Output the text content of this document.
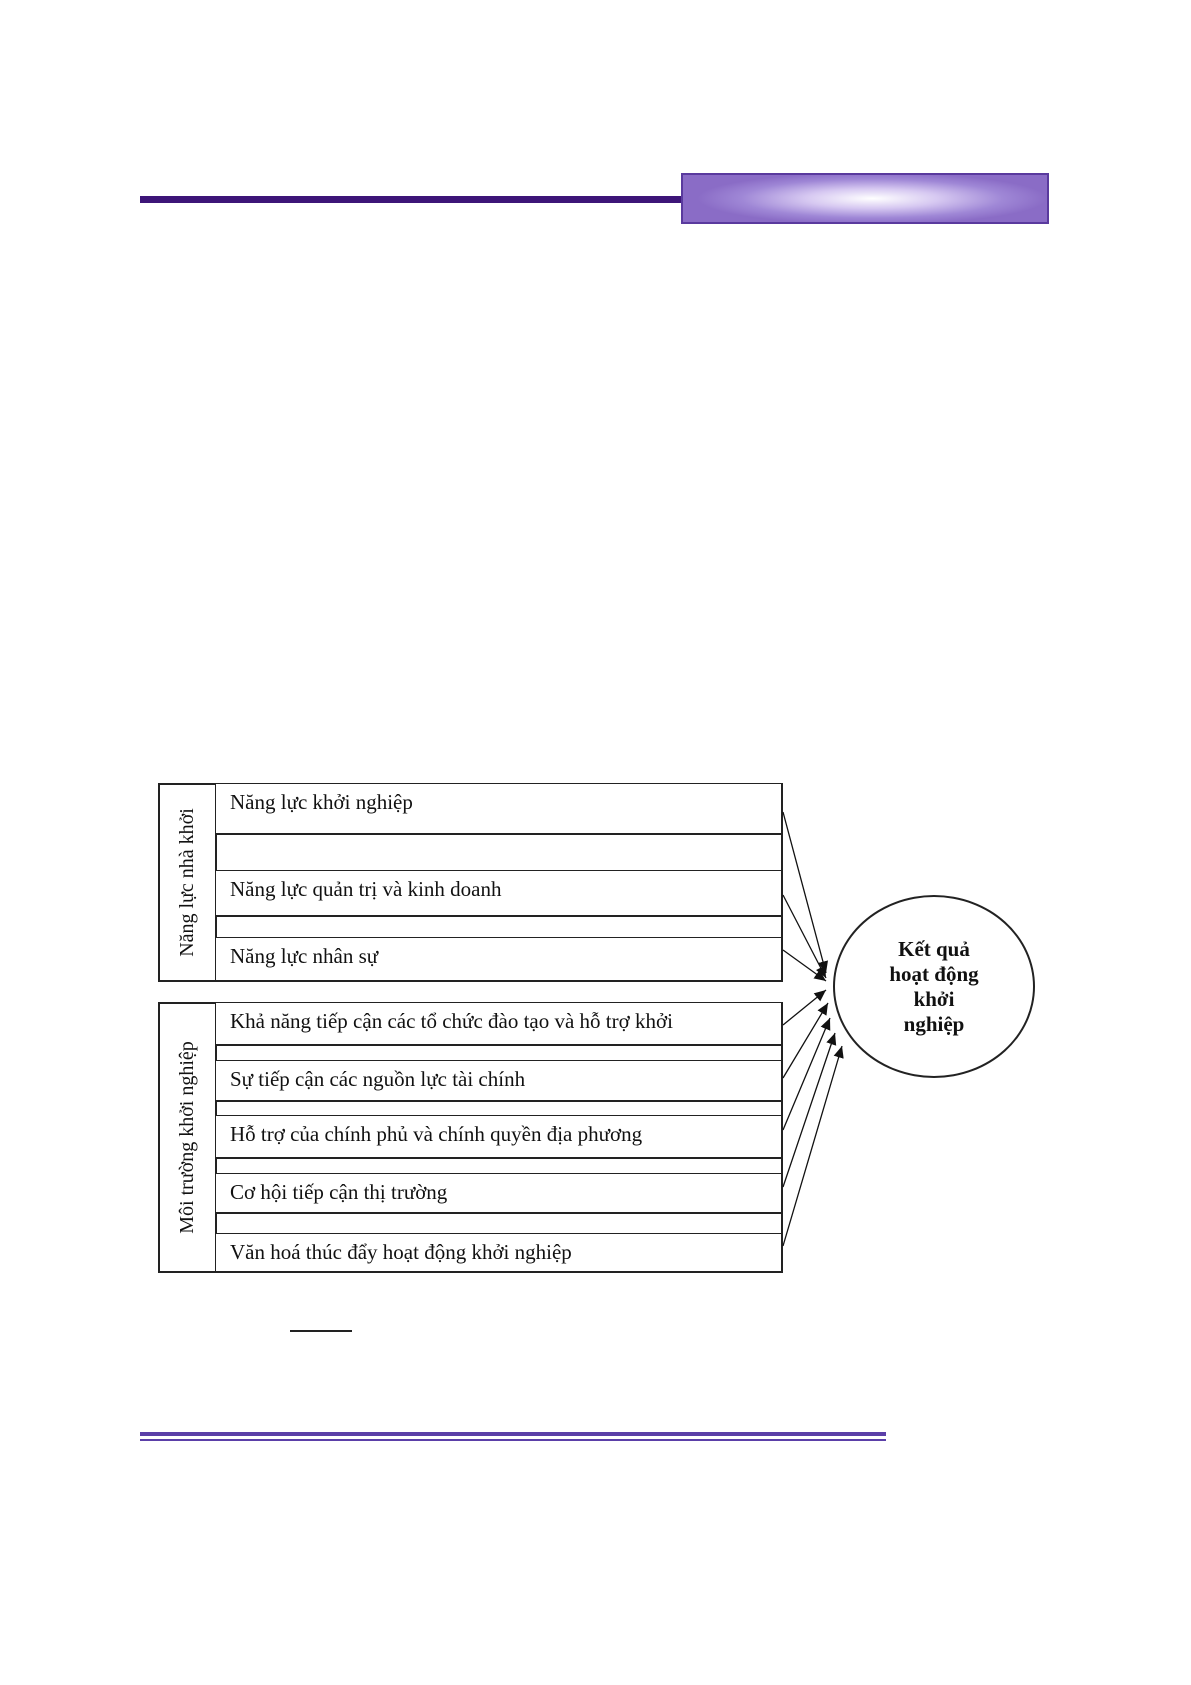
Năng lực nhà khởi
Năng lực khởi nghiệp
Năng lực quản trị và kinh doanh
Năng lực nhân sự
Môi trường khởi nghiệp
Khả năng tiếp cận các tổ chức đào tạo và hỗ trợ khởi
Sự tiếp cận các nguồn lực tài chính
Hỗ trợ của chính phủ và chính quyền địa phương
Cơ hội tiếp cận thị trường
Văn hoá thúc đẩy hoạt động khởi nghiệp
Kết quả
hoạt động
khởi
nghiệp
